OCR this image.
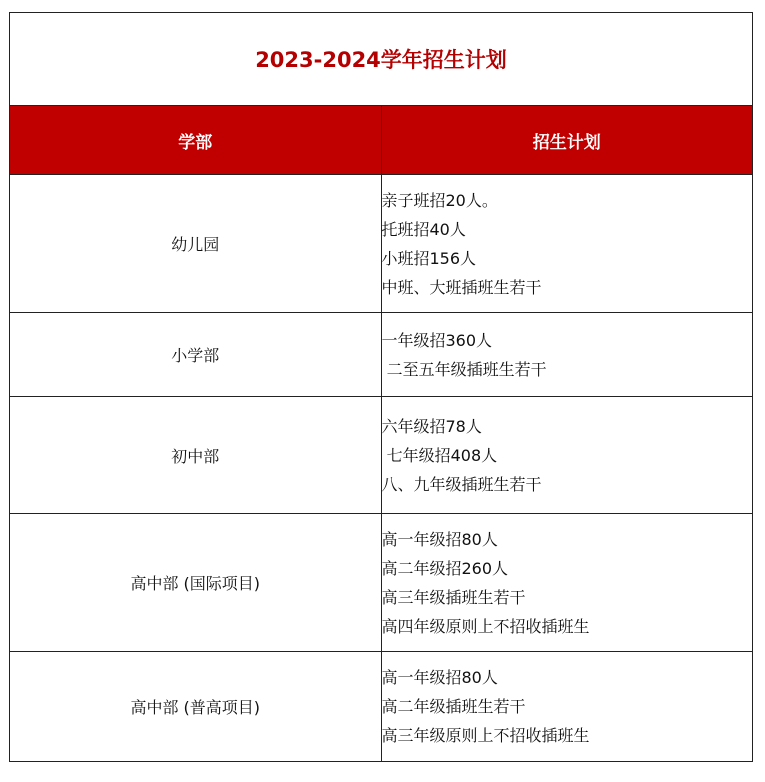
2023-2024学年招生计划	
学部	招生计划
幼儿园	亲子班招20人。
托班招40人
小班招156人
中班、大班插班生若干

小学部	一年级招360人
二至五年级插班生若干

初中部	六年级招78人
七年级招408人
八、九年级插班生若干

高中部 (国际项目)	高一年级招80人
高二年级招260人
高三年级插班生若干
高四年级原则上不招收插班生

高中部 (普高项目)	高一年级招80人
高二年级插班生若干
高三年级原则上不招收插班生
